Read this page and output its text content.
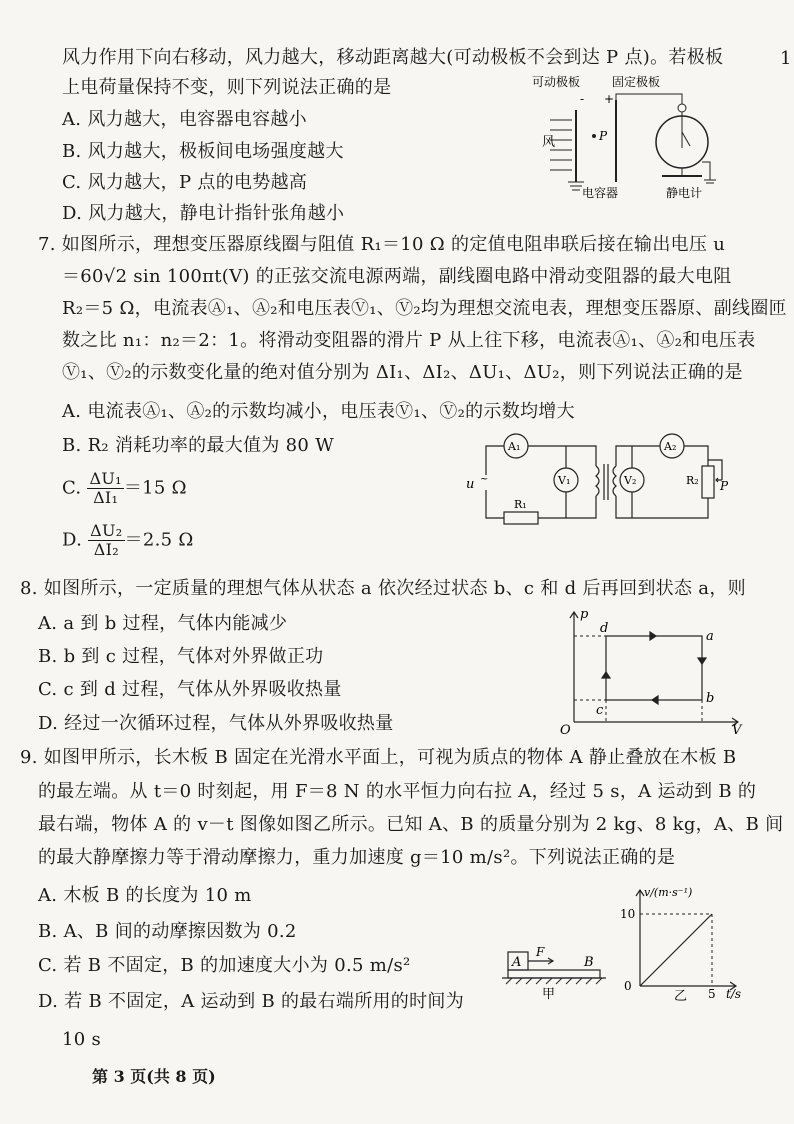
风力作用下向右移动，风力越大，移动距离越大(可动极板不会到达 P 点)。若极板
上电荷量保持不变，则下列说法正确的是
A. 风力越大，电容器电容越小
B. 风力越大，极板间电场强度越大
C. 风力越大，P 点的电势越高
D. 风力越大，静电计指针张角越小
可动极板	固定极板
- +
风	P
电容器	静电计
7. 如图所示，理想变压器原线圈与阻值 R₁＝10 Ω 的定值电阻串联后接在输出电压 u
＝60√2 sin 100πt(V) 的正弦交流电源两端，副线圈电路中滑动变阻器的最大电阻
R₂＝5 Ω，电流表Ⓐ₁、Ⓐ₂和电压表Ⓥ₁、Ⓥ₂均为理想交流电表，理想变压器原、副线圈匝
数之比 n₁：n₂＝2：1。将滑动变阻器的滑片 P 从上往下移，电流表Ⓐ₁、Ⓐ₂和电压表
Ⓥ₁、Ⓥ₂的示数变化量的绝对值分别为 ΔI₁、ΔI₂、ΔU₁、ΔU₂，则下列说法正确的是
A. 电流表Ⓐ₁、Ⓐ₂的示数均减小，电压表Ⓥ₁、Ⓥ₂的示数均增大
B. R₂ 消耗功率的最大值为 80 W
C. $\frac{\text{ΔU₁}}{\text{ΔI₁}} =15$ Ω
D. $\frac{\text{ΔU₂}}{\text{ΔI₂}} =2.5$ Ω
A₁	A₂
V₁	V₂
u ~
R₁
R₂ P
8. 如图所示，一定质量的理想气体从状态 a 依次经过状态 b、c 和 d 后再回到状态 a，则
A. a 到 b 过程，气体内能减少
B. b 到 c 过程，气体对外界做正功
C. c 到 d 过程，气体从外界吸收热量
D. 经过一次循环过程，气体从外界吸收热量
p
V
O
a
b
c
d
9. 如图甲所示，长木板 B 固定在光滑水平面上，可视为质点的物体 A 静止叠放在木板 B
的最左端。从 t＝0 时刻起，用 F＝8 N 的水平恒力向右拉 A，经过 5 s，A 运动到 B 的
最右端，物体 A 的 v－t 图像如图乙所示。已知 A、B 的质量分别为 2 kg、8 kg，A、B 间
的最大静摩擦力等于滑动摩擦力，重力加速度 g＝10 m/s²。下列说法正确的是
A. 木板 B 的长度为 10 m
B. A、B 间的动摩擦因数为 0.2
C. 若 B 不固定，B 的加速度大小为 0.5 m/s²
D. 若 B 不固定，A 运动到 B 的最右端所用的时间为
10 s
A
F
B
甲
v/(m·s⁻¹)
10
0
5 t/s
乙
第 3 页(共 8 页)
1
